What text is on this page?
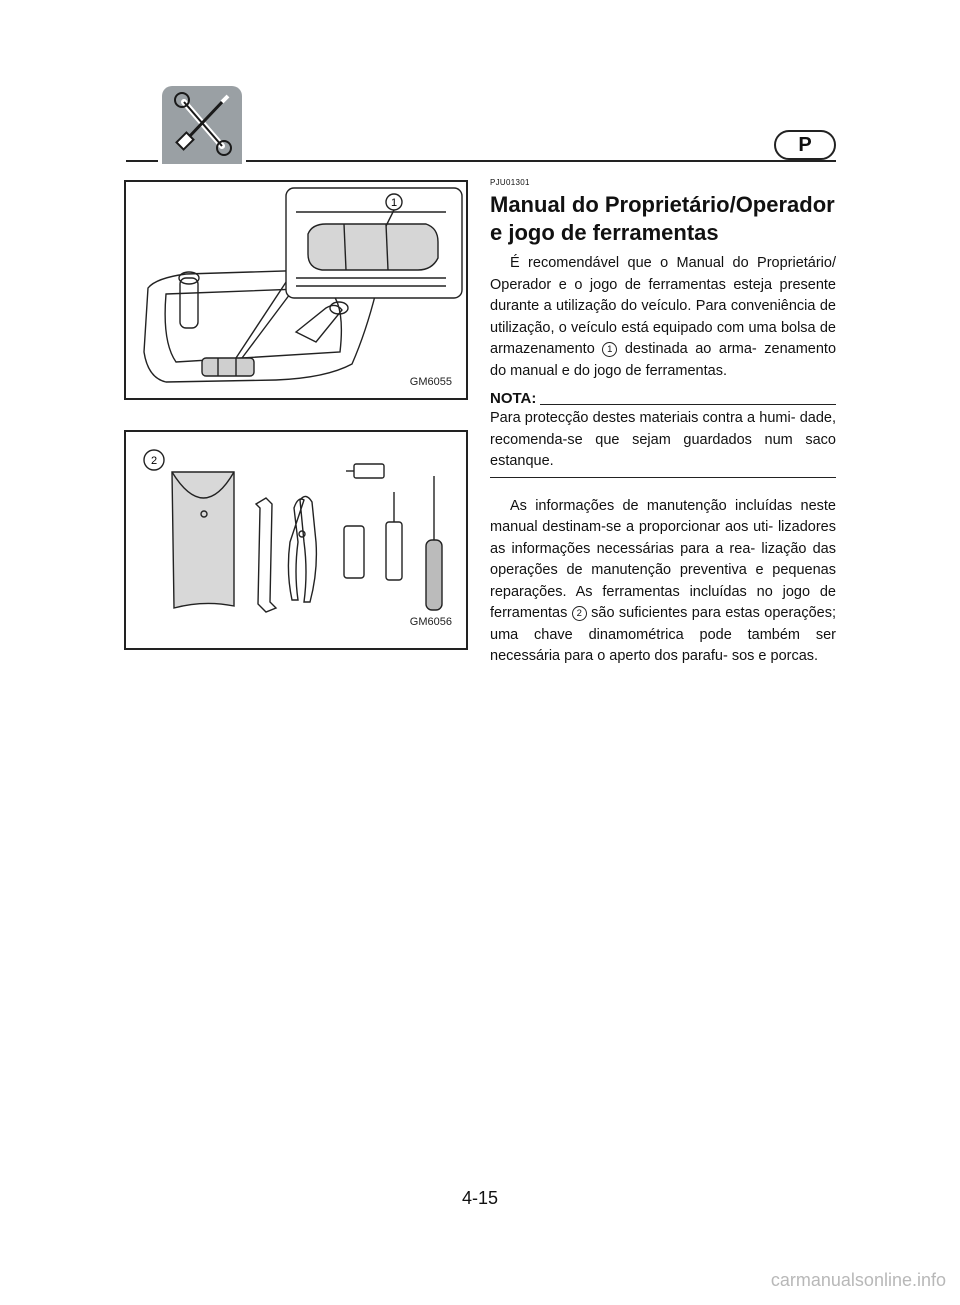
P
1
GM6055
2
GM6056

PJU01301

Manual do Proprietário/Operador e jogo de ferramentas

É recomendável que o Manual do Proprietário/ Operador e o jogo de ferramentas esteja presente durante a utilização do veículo. Para conveniência de utilização, o veículo está equipado com uma bolsa de armazenamento 1 destinada ao arma- zenamento do manual e do jogo de ferramentas.

NOTA:

Para protecção destes materiais contra a humi- dade, recomenda-se que sejam guardados num saco estanque.

As informações de manutenção incluídas neste manual destinam-se a proporcionar aos uti- lizadores as informações necessárias para a rea- lização das operações de manutenção preventiva e pequenas reparações. As ferramentas incluídas no jogo de ferramentas 2 são suficientes para estas operações; uma chave dinamométrica pode também ser necessária para o aperto dos parafu- sos e porcas.

4-15
carmanualsonline.info
